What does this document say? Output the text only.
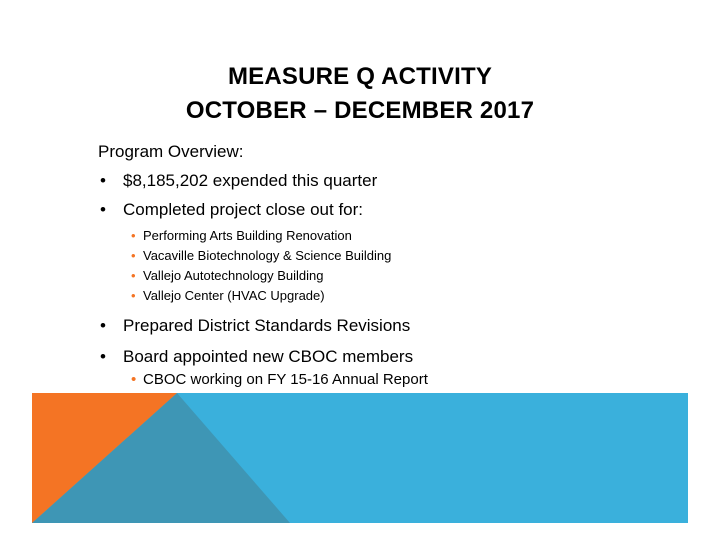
MEASURE Q ACTIVITY
OCTOBER – DECEMBER 2017
Program Overview:
• $8,185,202 expended this quarter
• Completed project close out for:
• Performing Arts Building Renovation
• Vacaville Biotechnology & Science Building
• Vallejo Autotechnology Building
• Vallejo Center (HVAC Upgrade)
• Prepared District Standards Revisions
• Board appointed new CBOC members
• CBOC working on FY 15-16 Annual Report
